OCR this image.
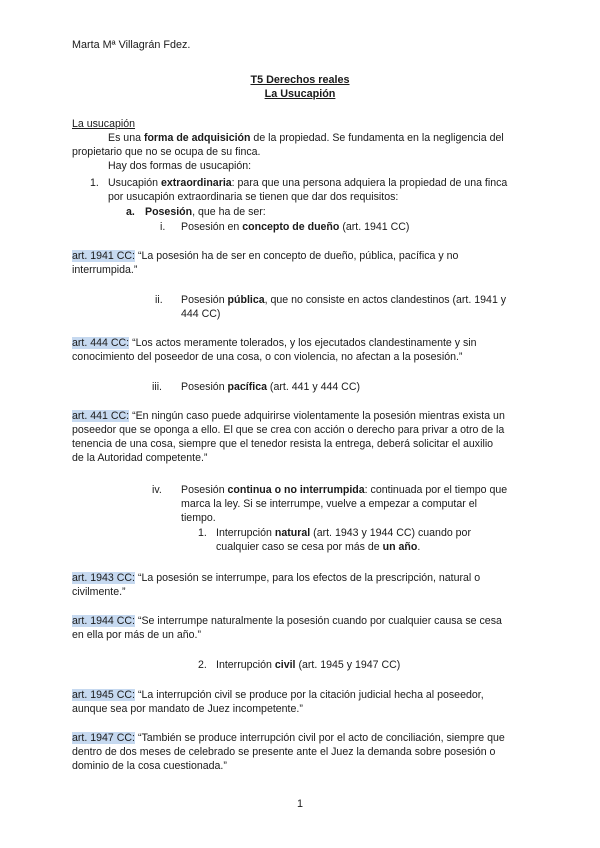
Marta Mª Villagrán Fdez.
T5 Derechos reales
La Usucapión
La usucapión
Es una forma de adquisición de la propiedad. Se fundamenta en la negligencia del
propietario que no se ocupa de su finca.
Hay dos formas de usucapión:
1. Usucapión extraordinaria: para que una persona adquiera la propiedad de una finca
por usucapión extraordinaria se tienen que dar dos requisitos:
a. Posesión, que ha de ser:
i. Posesión en concepto de dueño (art. 1941 CC)
art. 1941 CC: “La posesión ha de ser en concepto de dueño, pública, pacífica y no
interrumpida.”
ii. Posesión pública, que no consiste en actos clandestinos (art. 1941 y
444 CC)
art. 444 CC: “Los actos meramente tolerados, y los ejecutados clandestinamente y sin
conocimiento del poseedor de una cosa, o con violencia, no afectan a la posesión.”
iii. Posesión pacífica (art. 441 y 444 CC)
art. 441 CC: “En ningún caso puede adquirirse violentamente la posesión mientras exista un
poseedor que se oponga a ello. El que se crea con acción o derecho para privar a otro de la
tenencia de una cosa, siempre que el tenedor resista la entrega, deberá solicitar el auxilio
de la Autoridad competente.”
iv. Posesión continua o no interrumpida: continuada por el tiempo que
marca la ley. Si se interrumpe, vuelve a empezar a computar el
tiempo.
1. Interrupción natural (art. 1943 y 1944 CC) cuando por
cualquier caso se cesa por más de un año.
art. 1943 CC: “La posesión se interrumpe, para los efectos de la prescripción, natural o
civilmente.”
art. 1944 CC: “Se interrumpe naturalmente la posesión cuando por cualquier causa se cesa
en ella por más de un año.”
2. Interrupción civil (art. 1945 y 1947 CC)
art. 1945 CC: “La interrupción civil se produce por la citación judicial hecha al poseedor,
aunque sea por mandato de Juez incompetente.”
art. 1947 CC: “También se produce interrupción civil por el acto de conciliación, siempre que
dentro de dos meses de celebrado se presente ante el Juez la demanda sobre posesión o
dominio de la cosa cuestionada.”
1
